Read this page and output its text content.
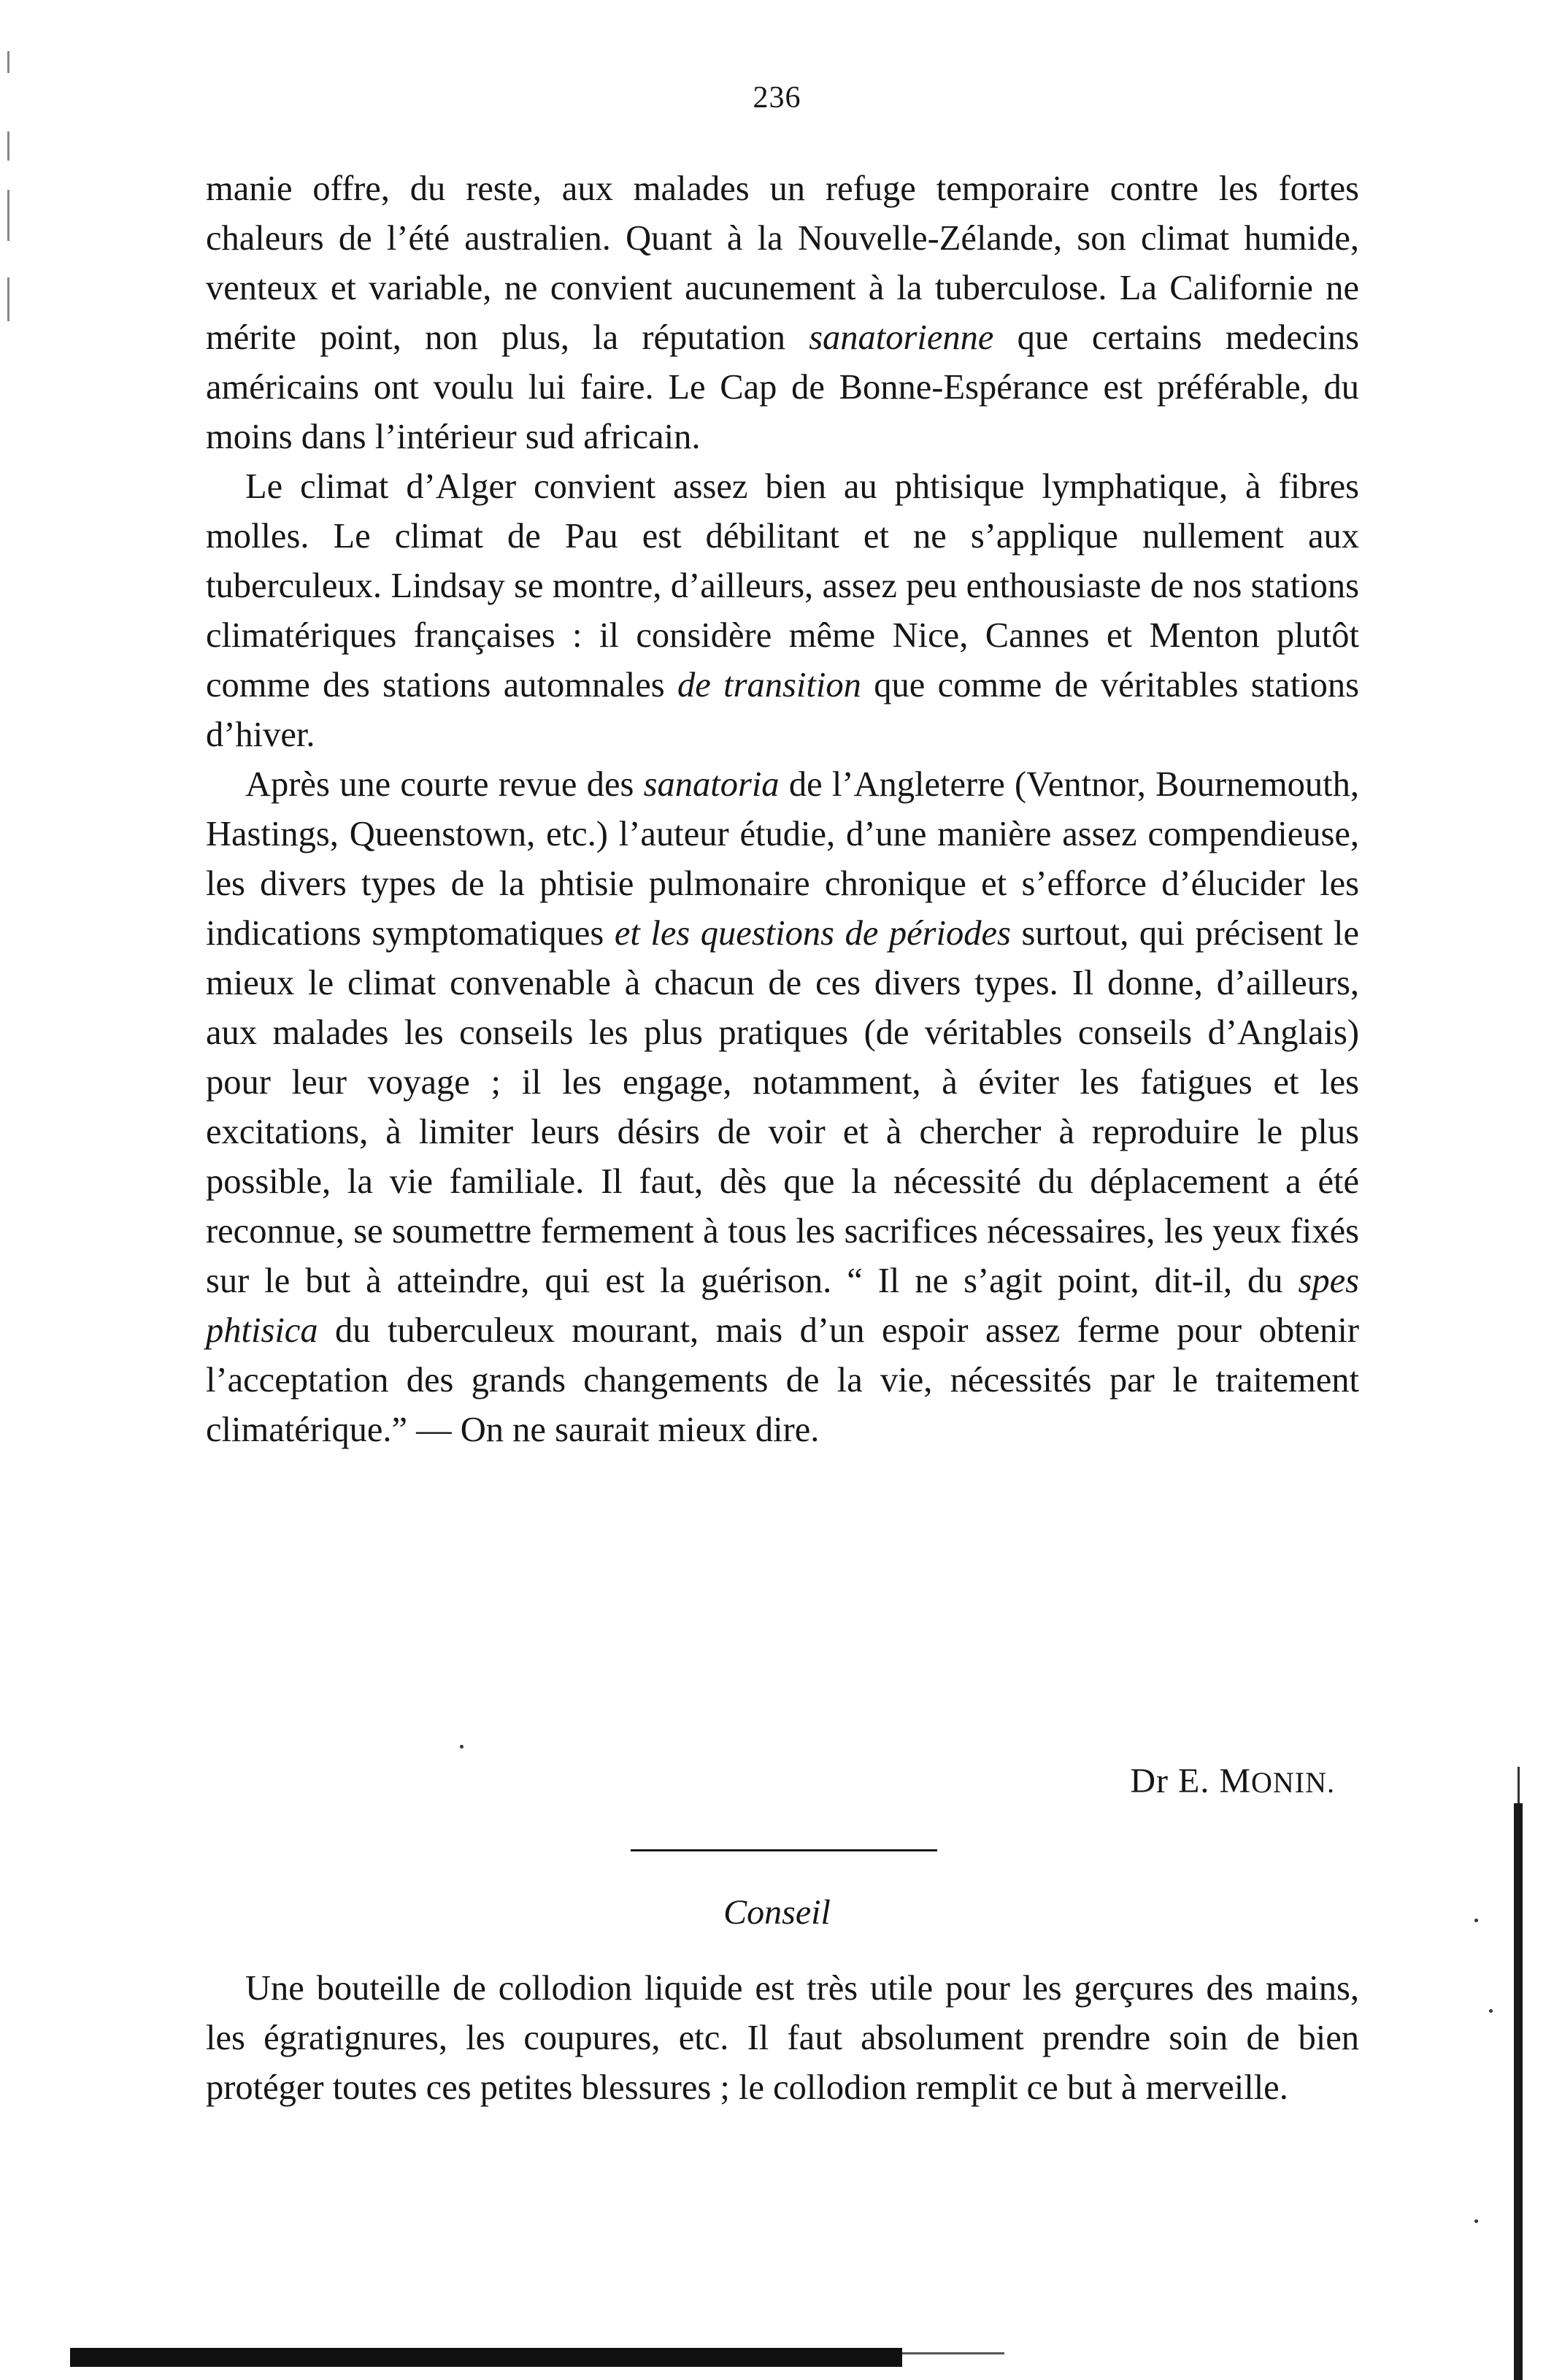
236

manie offre, du reste, aux malades un refuge temporaire contre les fortes chaleurs de l’été australien. Quant à la Nouvelle-Zélande, son climat humide, venteux et variable, ne convient aucunement à la tuberculose. La Californie ne mérite point, non plus, la réputation sanatorienne que certains medecins américains ont voulu lui faire. Le Cap de Bonne-Espérance est préférable, du moins dans l’intérieur sud africain.

Le climat d’Alger convient assez bien au phtisique lymphatique, à fibres molles. Le climat de Pau est débilitant et ne s’applique nullement aux tuberculeux. Lindsay se montre, d’ailleurs, assez peu enthousiaste de nos stations climatériques françaises : il considère même Nice, Cannes et Menton plutôt comme des stations automnales de transition que comme de véritables stations d’hiver.

Après une courte revue des sanatoria de l’Angleterre (Ventnor, Bournemouth, Hastings, Queenstown, etc.) l’auteur étudie, d’une manière assez compendieuse, les divers types de la phtisie pulmonaire chronique et s’efforce d’élucider les indications symptomatiques et les questions de périodes surtout, qui précisent le mieux le climat convenable à chacun de ces divers types. Il donne, d’ailleurs, aux malades les conseils les plus pratiques (de véritables conseils d’Anglais) pour leur voyage ; il les engage, notamment, à éviter les fatigues et les excitations, à limiter leurs désirs de voir et à chercher à reproduire le plus possible, la vie familiale. Il faut, dès que la nécessité du déplacement a été reconnue, se soumettre fermement à tous les sacrifices nécessaires, les yeux fixés sur le but à atteindre, qui est la guérison. “ Il ne s’agit point, dit-il, du spes phtisica du tuberculeux mourant, mais d’un espoir assez ferme pour obtenir l’acceptation des grands changements de la vie, nécessités par le traitement climatérique.” — On ne saurait mieux dire.

Dr E. MONIN.
Conseil

Une bouteille de collodion liquide est très utile pour les gerçures des mains, les égratignures, les coupures, etc. Il faut absolument prendre soin de bien protéger toutes ces petites blessures ; le collodion remplit ce but à merveille.
